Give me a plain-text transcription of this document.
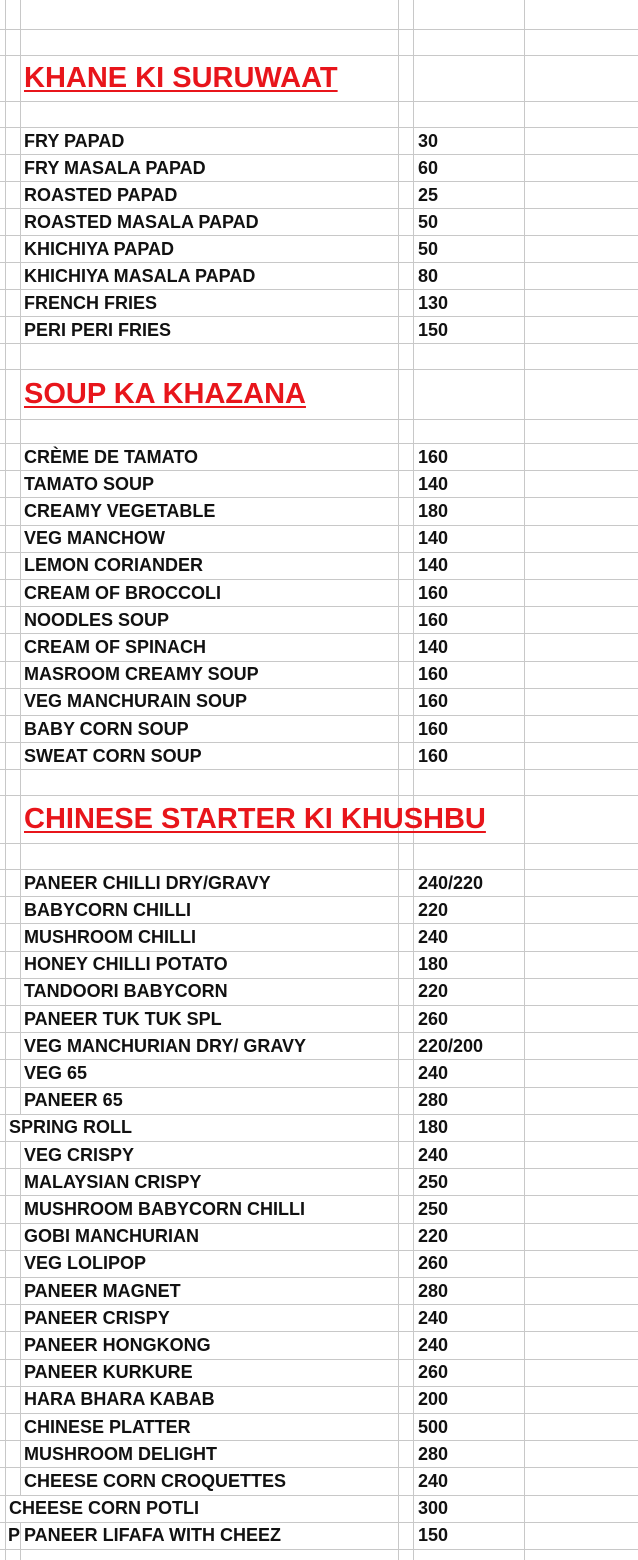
KHANE KI SURUWAAT
FRY PAPAD	30
FRY MASALA PAPAD	60
ROASTED PAPAD	25
ROASTED MASALA PAPAD	50
KHICHIYA PAPAD	50
KHICHIYA MASALA PAPAD	80
FRENCH FRIES	130
PERI PERI FRIES	150
SOUP KA KHAZANA
CRÈME DE TAMATO	160
TAMATO SOUP	140
CREAMY VEGETABLE	180
VEG MANCHOW	140
LEMON CORIANDER	140
CREAM OF BROCCOLI	160
NOODLES SOUP	160
CREAM OF SPINACH	140
MASROOM CREAMY SOUP	160
VEG MANCHURAIN SOUP	160
BABY CORN SOUP	160
SWEAT CORN SOUP	160
CHINESE STARTER KI KHUSHBU
PANEER CHILLI DRY/GRAVY	240/220
BABYCORN CHILLI	220
MUSHROOM CHILLI	240
HONEY CHILLI POTATO	180
TANDOORI BABYCORN	220
PANEER TUK TUK SPL	260
VEG MANCHURIAN DRY/ GRAVY	220/200
VEG 65	240
PANEER 65	280
SPRING ROLL	180
VEG CRISPY	240
MALAYSIAN CRISPY	250
MUSHROOM BABYCORN CHILLI	250
GOBI MANCHURIAN	220
VEG LOLIPOP	260
PANEER MAGNET	280
PANEER CRISPY	240
PANEER HONGKONG	240
PANEER KURKURE	260
HARA BHARA KABAB	200
CHINESE PLATTER	500
MUSHROOM DELIGHT	280
CHEESE CORN CROQUETTES	240
CHEESE CORN POTLI	300
P PANEER LIFAFA WITH CHEEZ	150
